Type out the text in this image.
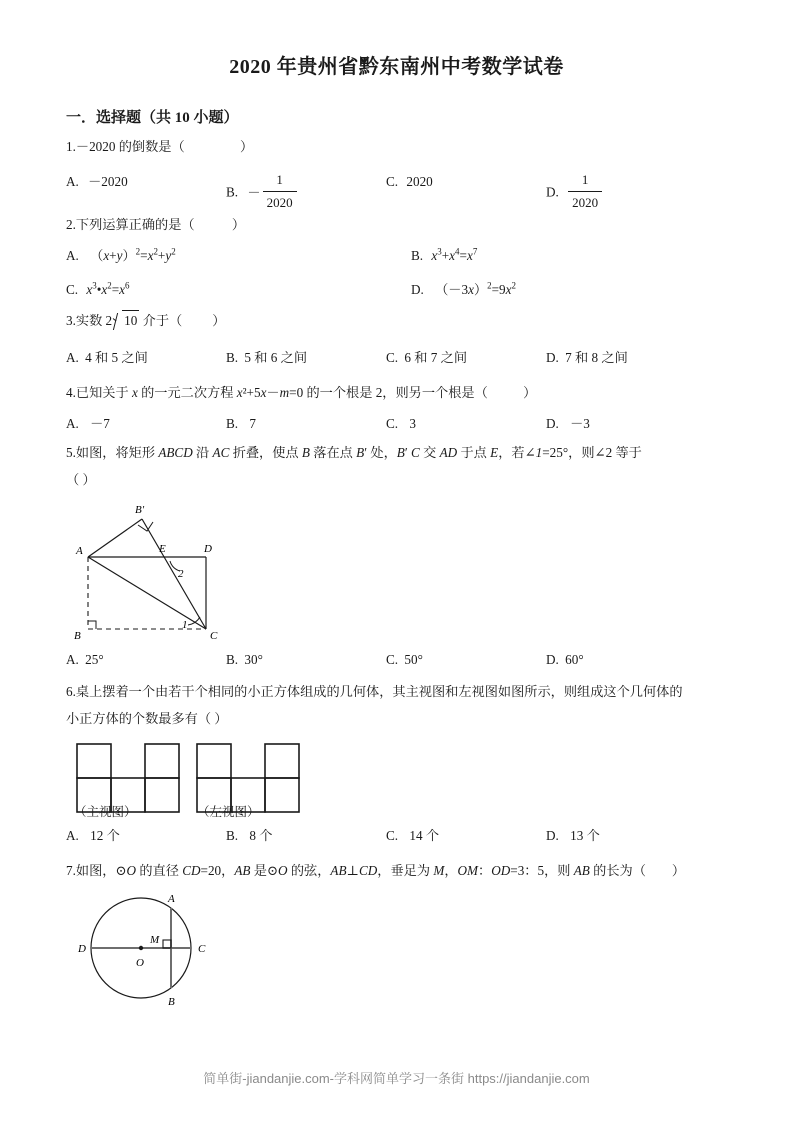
2020 年贵州省黔东南州中考数学试卷
一．选择题（共 10 小题）
1.－2020 的倒数是（	）
A. －2020
B. － $\frac{1}{2020}$	C. 2020
D. $\frac{1}{2020}$
2.下列运算正确的是（	）
A. $(x+y)^2=x^2+y^2$	B. $x^3+x^4=x^7$
C. $x^3•x^2=x^6$	D. $(-3x)^2=9x^2$
3.实数 2 10 介于（ ）
A. 4 和 5 之间	B. 5 和 6 之间	C. 6 和 7 之间	D. 7 和 8 之间
4.已知关于 x 的一元二次方程 x²+5x－m=0 的一个根是 2，则另一个根是（	）
A. －7	B. 7	C. 3	D. －3
5.如图，将矩形 ABCD 沿 AC 折叠，使点 B 落在点 B′ 处，B′ C 交 AD 于点 E，若∠1=25°，则∠2 等于
（ ）
B′
A	E	D
B	C
2
1
A. 25°	B. 30°	C. 50°	D. 60°
6.桌上摆着一个由若干个相同的小正方体组成的几何体，其主视图和左视图如图所示，则组成这个几何体的
小正方体的个数最多有（ ）
（主视图）	（左视图）
A. 12 个	B. 8 个	C. 14 个	D. 13 个
7.如图，⊙O 的直径 CD=20，AB 是⊙O 的弦，AB⊥CD，垂足为 M，OM：OD=3：5，则 AB 的长为（ ）
A
B
C
D
M
O
简单街-jiandanjie.com-学科网简单学习一条街 https://jiandanjie.com
